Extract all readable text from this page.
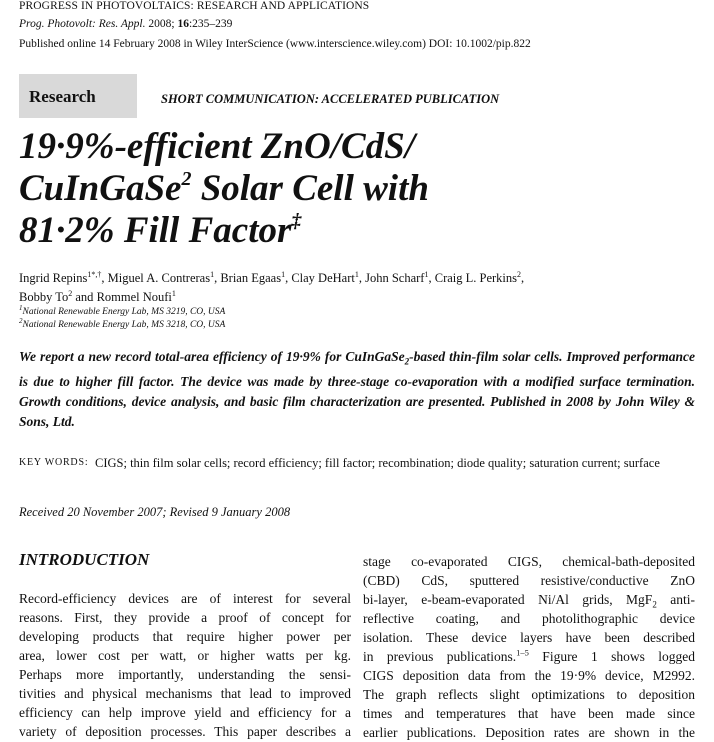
PROGRESS IN PHOTOVOLTAICS: RESEARCH AND APPLICATIONS
Prog. Photovolt: Res. Appl. 2008; 16:235–239
Published online 14 February 2008 in Wiley InterScience (www.interscience.wiley.com) DOI: 10.1002/pip.822
Research	SHORT COMMUNICATION: ACCELERATED PUBLICATION
19·9%-efficient ZnO/CdS/
CuInGaSe$^2$ Solar Cell with
81·2% Fill Factor‡
Ingrid Repins$^{1*,\dagger}$, Miguel A. Contreras$^1$, Brian Egaas$^1$, Clay DeHart$^1$, John Scharf$^1$, Craig L. Perkins$^2$,
Bobby To$^2$ and Rommel Noufi$^1$
$^1$National Renewable Energy Lab, MS 3219, CO, USA
$^2$National Renewable Energy Lab, MS 3218, CO, USA
We report a new record total-area efficiency of 19·9% for CuInGaSe$_2$-based thin-film solar cells. Improved performance is due to higher fill factor. The device was made by three-stage co-evaporation with a modified surface termination. Growth conditions, device analysis, and basic film characterization are presented. Published in 2008 by John Wiley & Sons, Ltd.
KEY WORDS: CIGS; thin film solar cells; record efficiency; fill factor; recombination; diode quality; saturation current; surface
Received 20 November 2007; Revised 9 January 2008
INTRODUCTION
Record-efficiency devices are of interest for several
reasons. First, they provide a proof of concept for
developing products that require higher power per
area, lower cost per watt, or higher watts per kg.
Perhaps more importantly, understanding the sensi-
tivities and physical mechanisms that lead to improved
efficiency can help improve yield and efficiency for a
variety of deposition processes. This paper describes a
stage co-evaporated CIGS, chemical-bath-deposited
(CBD) CdS, sputtered resistive/conductive ZnO
bi-layer, e-beam-evaporated Ni/Al grids, MgF$_2$ anti-
reflective coating, and photolithographic device
isolation. These device layers have been described
in previous publications.$^{1-5}$ Figure 1 shows logged
CIGS deposition data from the 19·9% device, M2992.
The graph reflects slight optimizations to deposition
times and temperatures that have been made since
earlier publications. Deposition rates are shown in the
